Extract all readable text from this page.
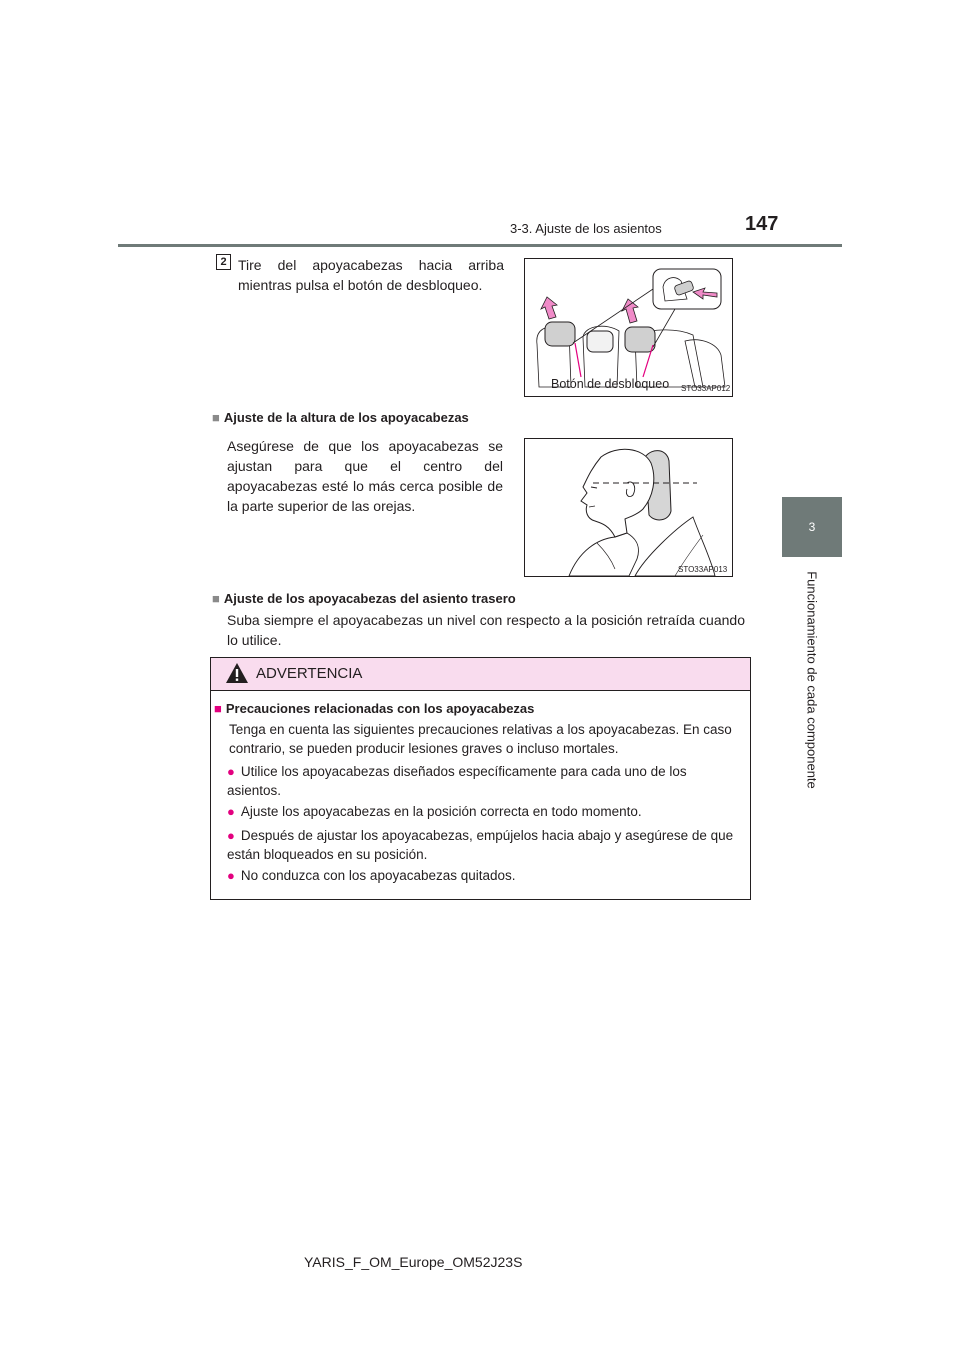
3-3. Ajuste de los asientos	147
3
Funcionamiento de cada componente
2 Tire del apoyacabezas hacia arriba mientras pulsa el botón de desbloqueo.
Botón de desbloqueo STO33AP012
■ Ajuste de la altura de los apoyacabezas
Asegúrese de que los apoyacabezas se ajustan para que el centro del apoyacabezas esté lo más cerca posible de la parte superior de las orejas.
STO33AP013
■ Ajuste de los apoyacabezas del asiento trasero
Suba siempre el apoyacabezas un nivel con respecto a la posición retraída cuando lo utilice.
ADVERTENCIA
■ Precauciones relacionadas con los apoyacabezas
Tenga en cuenta las siguientes precauciones relativas a los apoyacabezas. En caso contrario, se pueden producir lesiones graves o incluso mortales.
● Utilice los apoyacabezas diseñados específicamente para cada uno de los asientos.
● Ajuste los apoyacabezas en la posición correcta en todo momento.
● Después de ajustar los apoyacabezas, empújelos hacia abajo y asegúrese de que están bloqueados en su posición.
● No conduzca con los apoyacabezas quitados.
YARIS_F_OM_Europe_OM52J23S
